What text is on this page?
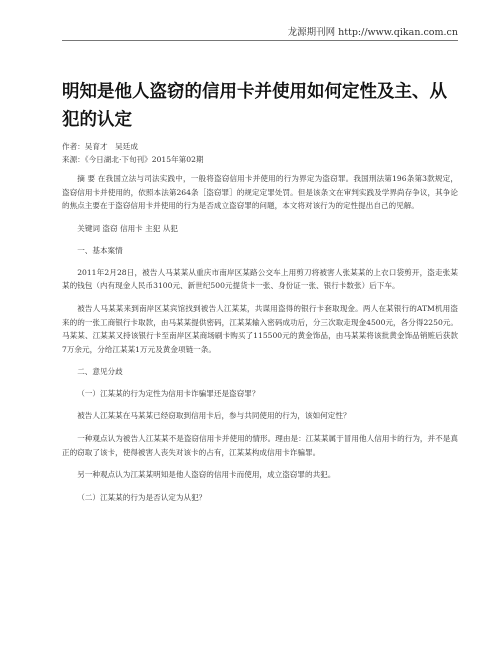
龙源期刊网 http://www.qikan.com.cn
明知是他人盗窃的信用卡并使用如何定性及主、从犯的认定

作者：吴育才　吴廷成

来源：《今日湖北·下旬刊》2015年第02期

摘 要 在我国立法与司法实践中，一般将盗窃信用卡并使用的行为界定为盗窃罪。我国刑法第196条第3款规定，盗窃信用卡并使用的，依照本法第264条［盗窃罪］的规定定罪处罚。但是该条文在审判实践及学界尚存争议，其争论的焦点主要在于盗窃信用卡并使用的行为是否成立盗窃罪的问题，本文将对该行为的定性提出自己的见解。

关键词 盗窃 信用卡 主犯 从犯

一、基本案情

2011年2月28日，被告人马某某从重庆市南岸区某路公交车上用剪刀将被害人张某某的上衣口袋剪开，盗走张某某的钱包（内有现金人民币3100元、新世纪500元提货卡一张、身份证一张、银行卡数张）后下车。

被告人马某某来到南岸区某宾馆找到被告人江某某，共谋用盗得的银行卡套取现金。两人在某银行的ATM机用盗来的的一张工商银行卡取款，由马某某提供密码，江某某输入密码成功后，分三次取走现金4500元，各分得2250元。马某某、江某某又持该银行卡至南岸区某商场刷卡购买了115500元的黄金饰品，由马某某将该批黄金饰品销赃后获款7万余元，分给江某某1万元及黄金项链一条。

二、意见分歧

（一）江某某的行为定性为信用卡诈骗罪还是盗窃罪？

被告人江某某在马某某已经窃取到信用卡后，参与共同使用的行为，该如何定性？

一种观点认为被告人江某某不是盗窃信用卡并使用的情形。理由是：江某某属于冒用他人信用卡的行为，并不是真正的窃取了该卡，使得被害人丧失对该卡的占有，江某某构成信用卡诈骗罪。

另一种观点认为江某某明知是他人盗窃的信用卡而使用，成立盗窃罪的共犯。

（二）江某某的行为是否认定为从犯？
